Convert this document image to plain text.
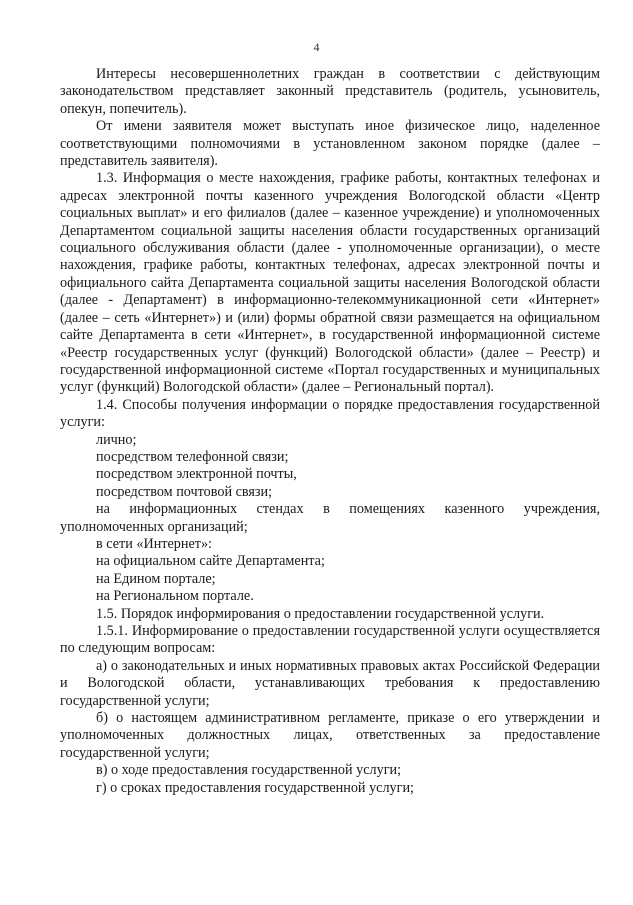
4

Интересы несовершеннолетних граждан в соответствии с действующим законодательством представляет законный представитель (родитель, усыновитель, опекун, попечитель).

От имени заявителя может выступать иное физическое лицо, наделенное соответствующими полномочиями в установленном законом порядке (далее – представитель заявителя).

1.3. Информация о месте нахождения, графике работы, контактных телефонах и адресах электронной почты казенного учреждения Вологодской области «Центр социальных выплат» и его филиалов (далее – казенное учреждение) и уполномоченных Департаментом социальной защиты населения области государственных организаций социального обслуживания области (далее - уполномоченные организации), о месте нахождения, графике работы, контактных телефонах, адресах электронной почты и официального сайта Департамента социальной защиты населения Вологодской области (далее - Департамент) в информационно-телекоммуникационной сети «Интернет» (далее – сеть «Интернет») и (или) формы обратной связи размещается на официальном сайте Департамента в сети «Интернет», в государственной информационной системе «Реестр государственных услуг (функций) Вологодской области» (далее – Реестр) и государственной информационной системе «Портал государственных и муниципальных услуг (функций) Вологодской области» (далее – Региональный портал).

1.4. Способы получения информации о порядке предоставления государственной услуги:

лично;

посредством телефонной связи;

посредством электронной почты,

посредством почтовой связи;

на информационных стендах в помещениях казенного учреждения, уполномоченных организаций;

в сети «Интернет»:

на официальном сайте Департамента;

на Едином портале;

на Региональном портале.

1.5. Порядок информирования о предоставлении государственной услуги.

1.5.1. Информирование о предоставлении государственной услуги осуществляется по следующим вопросам:

а) о законодательных и иных нормативных правовых актах Российской Федерации и Вологодской области, устанавливающих требования к предоставлению государственной услуги;

б) о настоящем административном регламенте, приказе о его утверждении и уполномоченных должностных лицах, ответственных за предоставление государственной услуги;

в) о ходе предоставления государственной услуги;

г) о сроках предоставления государственной услуги;
